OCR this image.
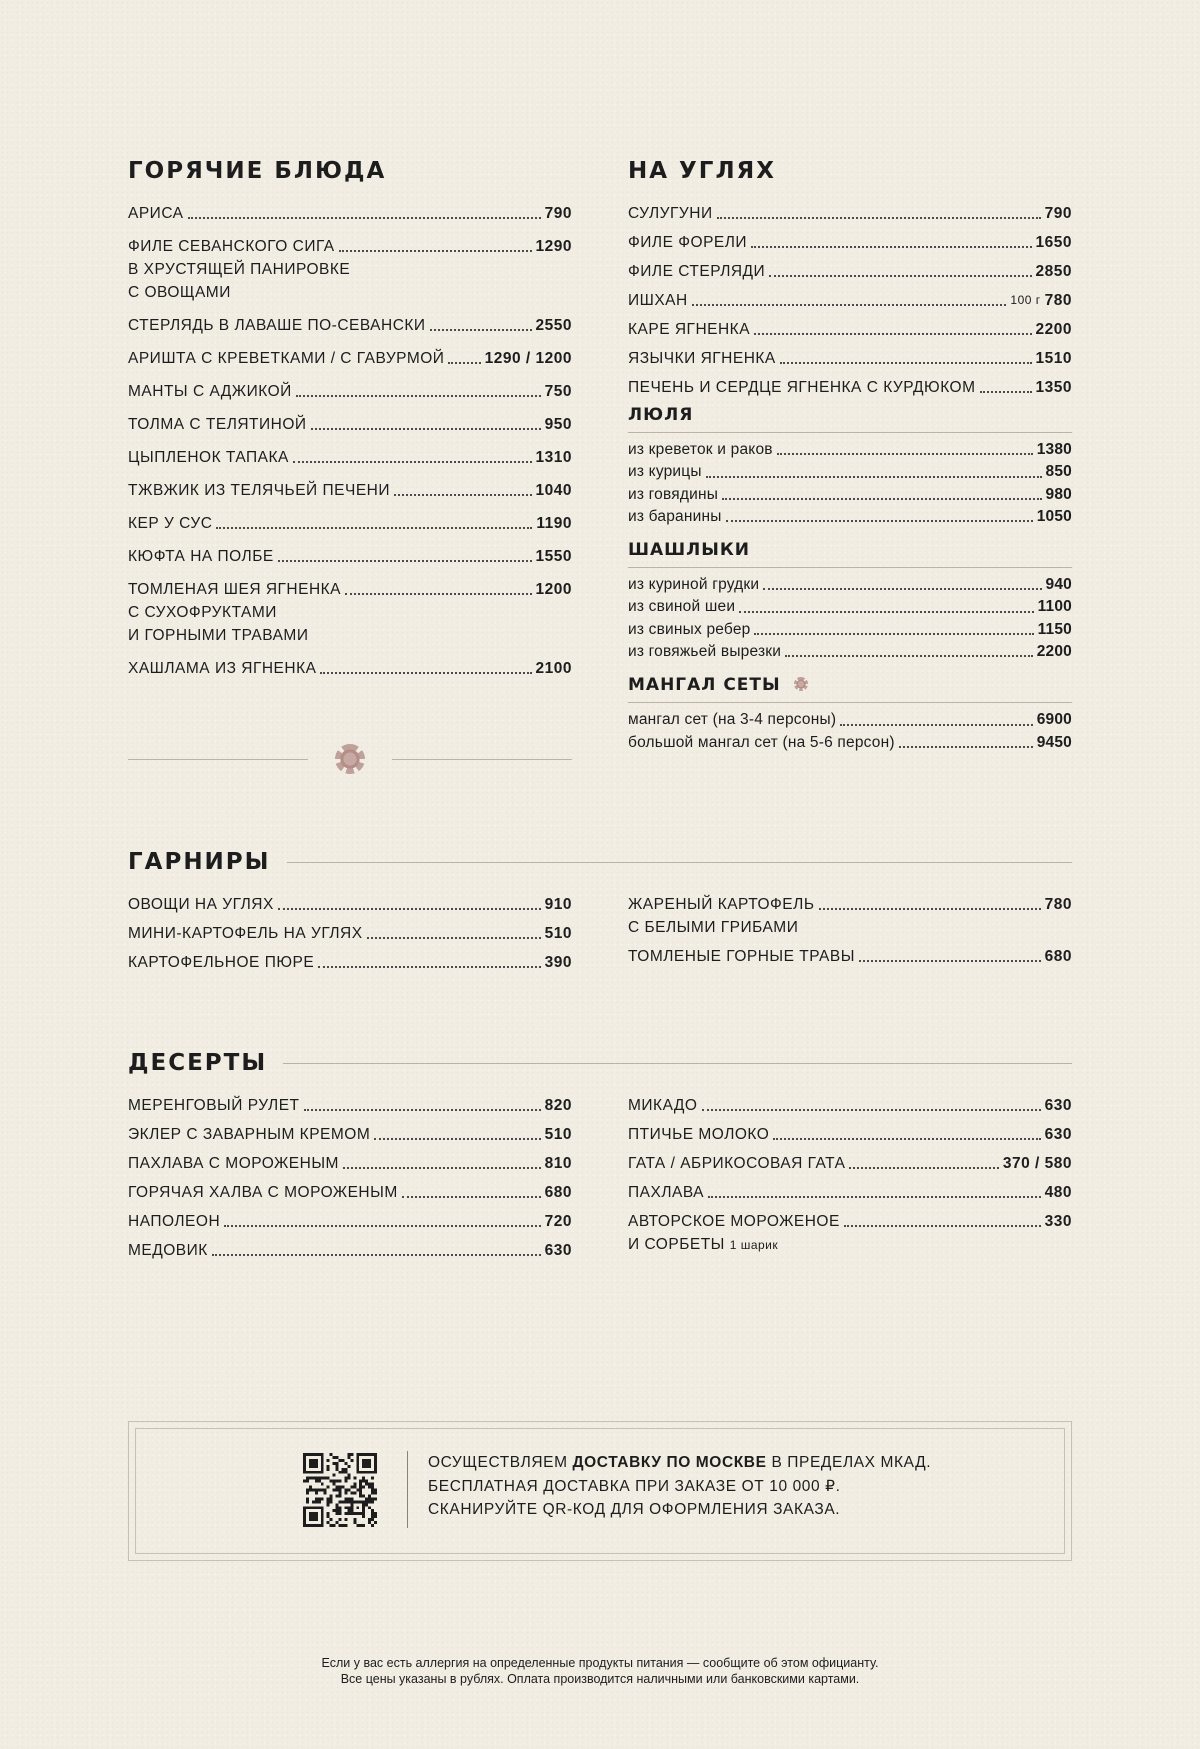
ГОРЯЧИЕ БЛЮДА
АРИСА	790
ФИЛЕ СЕВАНСКОГО СИГА	1290
В ХРУСТЯЩЕЙ ПАНИРОВКЕ
С ОВОЩАМИ
СТЕРЛЯДЬ В ЛАВАШЕ ПО-СЕВАНСКИ	2550
АРИШТА С КРЕВЕТКАМИ / С ГАВУРМОЙ	1290 / 1200
МАНТЫ С АДЖИКОЙ	750
ТОЛМА С ТЕЛЯТИНОЙ	950
ЦЫПЛЕНОК ТАПАКА	1310
ТЖВЖИК ИЗ ТЕЛЯЧЬЕЙ ПЕЧЕНИ	1040
КЕР У СУС	1190
КЮФТА НА ПОЛБЕ	1550
ТОМЛЕНАЯ ШЕЯ ЯГНЕНКА	1200
С СУХОФРУКТАМИ
И ГОРНЫМИ ТРАВАМИ
ХАШЛАМА ИЗ ЯГНЕНКА	2100
НА УГЛЯХ
СУЛУГУНИ	790
ФИЛЕ ФОРЕЛИ	1650
ФИЛЕ СТЕРЛЯДИ	2850
ИШХАН	100 г 780
КАРЕ ЯГНЕНКА	2200
ЯЗЫЧКИ ЯГНЕНКА	1510
ПЕЧЕНЬ И СЕРДЦЕ ЯГНЕНКА С КУРДЮКОМ	1350
ЛЮЛЯ
из креветок и раков	1380
из курицы	850
из говядины	980
из баранины	1050
ШАШЛЫКИ
из куриной грудки	940
из свиной шеи	1100
из свиных ребер	1150
из говяжьей вырезки	2200
МАНГАЛ СЕТЫ
мангал сет (на 3-4 персоны)	6900
большой мангал сет (на 5-6 персон)	9450
ГАРНИРЫ
ОВОЩИ НА УГЛЯХ	910
МИНИ-КАРТОФЕЛЬ НА УГЛЯХ	510
КАРТОФЕЛЬНОЕ ПЮРЕ	390
ЖАРЕНЫЙ КАРТОФЕЛЬ	780
С БЕЛЫМИ ГРИБАМИ
ТОМЛЕНЫЕ ГОРНЫЕ ТРАВЫ	680
ДЕСЕРТЫ
МЕРЕНГОВЫЙ РУЛЕТ	820
ЭКЛЕР С ЗАВАРНЫМ КРЕМОМ	510
ПАХЛАВА С МОРОЖЕНЫМ	810
ГОРЯЧАЯ ХАЛВА С МОРОЖЕНЫМ	680
НАПОЛЕОН	720
МЕДОВИК	630
МИКАДО	630
ПТИЧЬЕ МОЛОКО	630
ГАТА / АБРИКОСОВАЯ ГАТА	370 / 580
ПАХЛАВА	480
АВТОРСКОЕ МОРОЖЕНОЕ	330
И СОРБЕТЫ 1 шарик
ОСУЩЕСТВЛЯЕМ ДОСТАВКУ ПО МОСКВЕ В ПРЕДЕЛАХ МКАД.
БЕСПЛАТНАЯ ДОСТАВКА ПРИ ЗАКАЗЕ ОТ 10 000 ₽.
СКАНИРУЙТЕ QR-КОД ДЛЯ ОФОРМЛЕНИЯ ЗАКАЗА.
Если у вас есть аллергия на определенные продукты питания — сообщите об этом официанту.
Все цены указаны в рублях. Оплата производится наличными или банковскими картами.
